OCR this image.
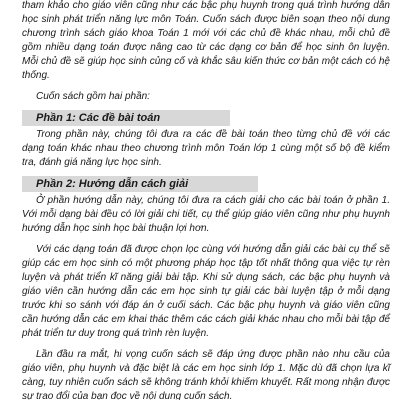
tham khảo cho giáo viên cũng như các bậc phụ huynh trong quá trình hướng dẫn học sinh phát triển năng lực môn Toán. Cuốn sách được biên soạn theo nội dung chương trình sách giáo khoa Toán 1 mới với các chủ đề khác nhau, mỗi chủ đề gồm nhiều dạng toán được nâng cao từ các dạng cơ bản để học sinh ôn luyện. Mỗi chủ đề sẽ giúp học sinh củng cố và khắc sâu kiến thức cơ bản một cách có hệ thống.

Cuốn sách gồm hai phần:

Phần 1: Các đề bài toán

Trong phần này, chúng tôi đưa ra các đề bài toán theo từng chủ đề với các dạng toán khác nhau theo chương trình môn Toán lớp 1 cùng một số bộ đề kiểm tra, đánh giá năng lực học sinh.

Phần 2: Hướng dẫn cách giải

Ở phần hướng dẫn này, chúng tôi đưa ra cách giải cho các bài toán ở phần 1. Với mỗi dạng bài đều có lời giải chi tiết, cụ thể giúp giáo viên cũng như phụ huynh hướng dẫn học sinh học bài thuận lợi hơn.

Với các dạng toán đã được chọn lọc cùng với hướng dẫn giải các bài cụ thể sẽ giúp các em học sinh có một phương pháp học tập tốt nhất thông qua việc tự rèn luyện và phát triển kĩ năng giải bài tập. Khi sử dụng sách, các bậc phụ huynh và giáo viên cần hướng dẫn các em học sinh tự giải các bài luyện tập ở mỗi dạng trước khi so sánh với đáp án ở cuối sách. Các bậc phụ huynh và giáo viên cũng cần hướng dẫn các em khai thác thêm các cách giải khác nhau cho mỗi bài tập để phát triển tư duy trong quá trình rèn luyện.

Lần đầu ra mắt, hi vọng cuốn sách sẽ đáp ứng được phần nào nhu cầu của giáo viên, phụ huynh và đặc biệt là các em học sinh lớp 1. Mặc dù đã chọn lựa kĩ càng, tuy nhiên cuốn sách sẽ không tránh khỏi khiếm khuyết. Rất mong nhận được sự trao đổi của bạn đọc về nội dung cuốn sách.
